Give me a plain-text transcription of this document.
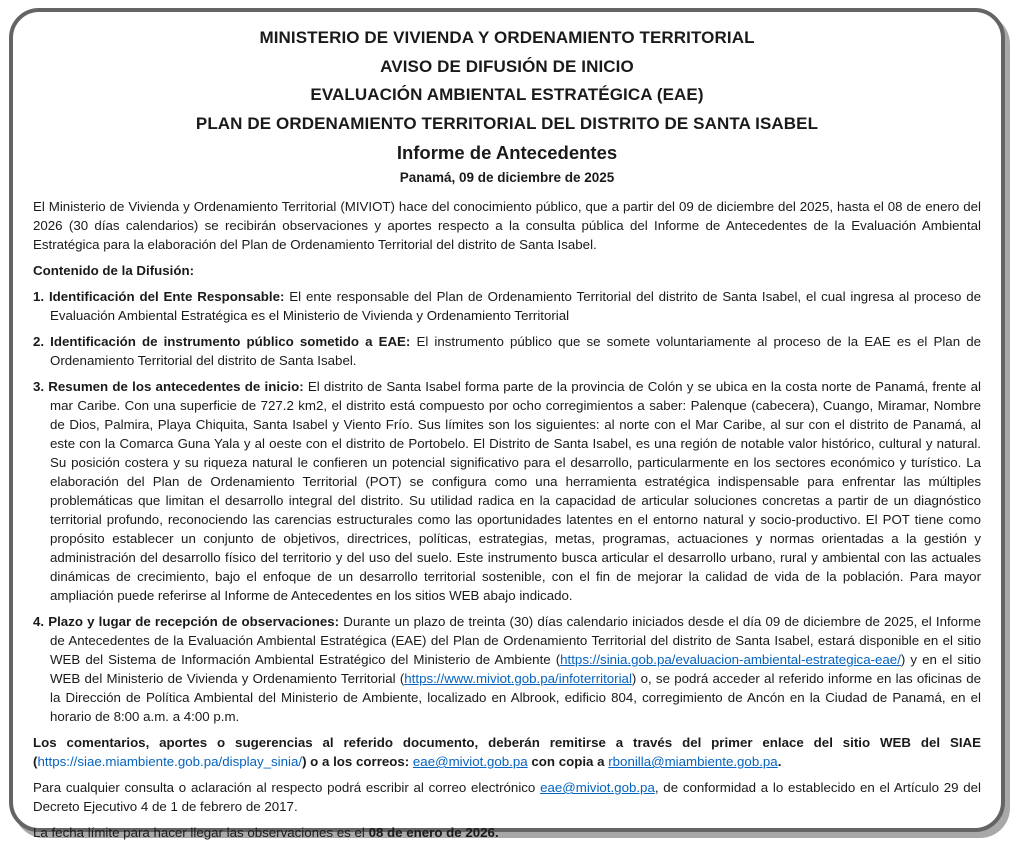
MINISTERIO DE VIVIENDA Y ORDENAMIENTO TERRITORIAL
AVISO DE DIFUSIÓN DE INICIO
EVALUACIÓN AMBIENTAL ESTRATÉGICA (EAE)
PLAN DE ORDENAMIENTO TERRITORIAL DEL DISTRITO DE SANTA ISABEL
Informe de Antecedentes
Panamá, 09 de diciembre de 2025

El Ministerio de Vivienda y Ordenamiento Territorial (MIVIOT) hace del conocimiento público, que a partir del 09 de diciembre del 2025, hasta el 08 de enero del 2026 (30 días calendarios) se recibirán observaciones y aportes respecto a la consulta pública del Informe de Antecedentes de la Evaluación Ambiental Estratégica para la elaboración del Plan de Ordenamiento Territorial del distrito de Santa Isabel.

Contenido de la Difusión:

1. Identificación del Ente Responsable: El ente responsable del Plan de Ordenamiento Territorial del distrito de Santa Isabel, el cual ingresa al proceso de Evaluación Ambiental Estratégica es el Ministerio de Vivienda y Ordenamiento Territorial
2. Identificación de instrumento público sometido a EAE: El instrumento público que se somete voluntariamente al proceso de la EAE es el Plan de Ordenamiento Territorial del distrito de Santa Isabel.
3. Resumen de los antecedentes de inicio: El distrito de Santa Isabel forma parte de la provincia de Colón y se ubica en la costa norte de Panamá, frente al mar Caribe. Con una superficie de 727.2 km2, el distrito está compuesto por ocho corregimientos a saber: Palenque (cabecera), Cuango, Miramar, Nombre de Dios, Palmira, Playa Chiquita, Santa Isabel y Viento Frío. Sus límites son los siguientes: al norte con el Mar Caribe, al sur con el distrito de Panamá, al este con la Comarca Guna Yala y al oeste con el distrito de Portobelo. El Distrito de Santa Isabel, es una región de notable valor histórico, cultural y natural. Su posición costera y su riqueza natural le confieren un potencial significativo para el desarrollo, particularmente en los sectores económico y turístico. La elaboración del Plan de Ordenamiento Territorial (POT) se configura como una herramienta estratégica indispensable para enfrentar las múltiples problemáticas que limitan el desarrollo integral del distrito. Su utilidad radica en la capacidad de articular soluciones concretas a partir de un diagnóstico territorial profundo, reconociendo las carencias estructurales como las oportunidades latentes en el entorno natural y socio-productivo. El POT tiene como propósito establecer un conjunto de objetivos, directrices, políticas, estrategias, metas, programas, actuaciones y normas orientadas a la gestión y administración del desarrollo físico del territorio y del uso del suelo. Este instrumento busca articular el desarrollo urbano, rural y ambiental con las actuales dinámicas de crecimiento, bajo el enfoque de un desarrollo territorial sostenible, con el fin de mejorar la calidad de vida de la población. Para mayor ampliación puede referirse al Informe de Antecedentes en los sitios WEB abajo indicado.
4. Plazo y lugar de recepción de observaciones: Durante un plazo de treinta (30) días calendario iniciados desde el día 09 de diciembre de 2025, el Informe de Antecedentes de la Evaluación Ambiental Estratégica (EAE) del Plan de Ordenamiento Territorial del distrito de Santa Isabel, estará disponible en el sitio WEB del Sistema de Información Ambiental Estratégico del Ministerio de Ambiente (https://sinia.gob.pa/evaluacion-ambiental-estrategica-eae/) y en el sitio WEB del Ministerio de Vivienda y Ordenamiento Territorial (https://www.miviot.gob.pa/infoterritorial) o, se podrá acceder al referido informe en las oficinas de la Dirección de Política Ambiental del Ministerio de Ambiente, localizado en Albrook, edificio 804, corregimiento de Ancón en la Ciudad de Panamá, en el horario de 8:00 a.m. a 4:00 p.m.

Los comentarios, aportes o sugerencias al referido documento, deberán remitirse a través del primer enlace del sitio WEB del SIAE (https://siae.miambiente.gob.pa/display_sinia/) o a los correos: eae@miviot.gob.pa con copia a rbonilla@miambiente.gob.pa.

Para cualquier consulta o aclaración al respecto podrá escribir al correo electrónico eae@miviot.gob.pa, de conformidad a lo establecido en el Artículo 29 del Decreto Ejecutivo 4 de 1 de febrero de 2017.

La fecha límite para hacer llegar las observaciones es el 08 de enero de 2026.
